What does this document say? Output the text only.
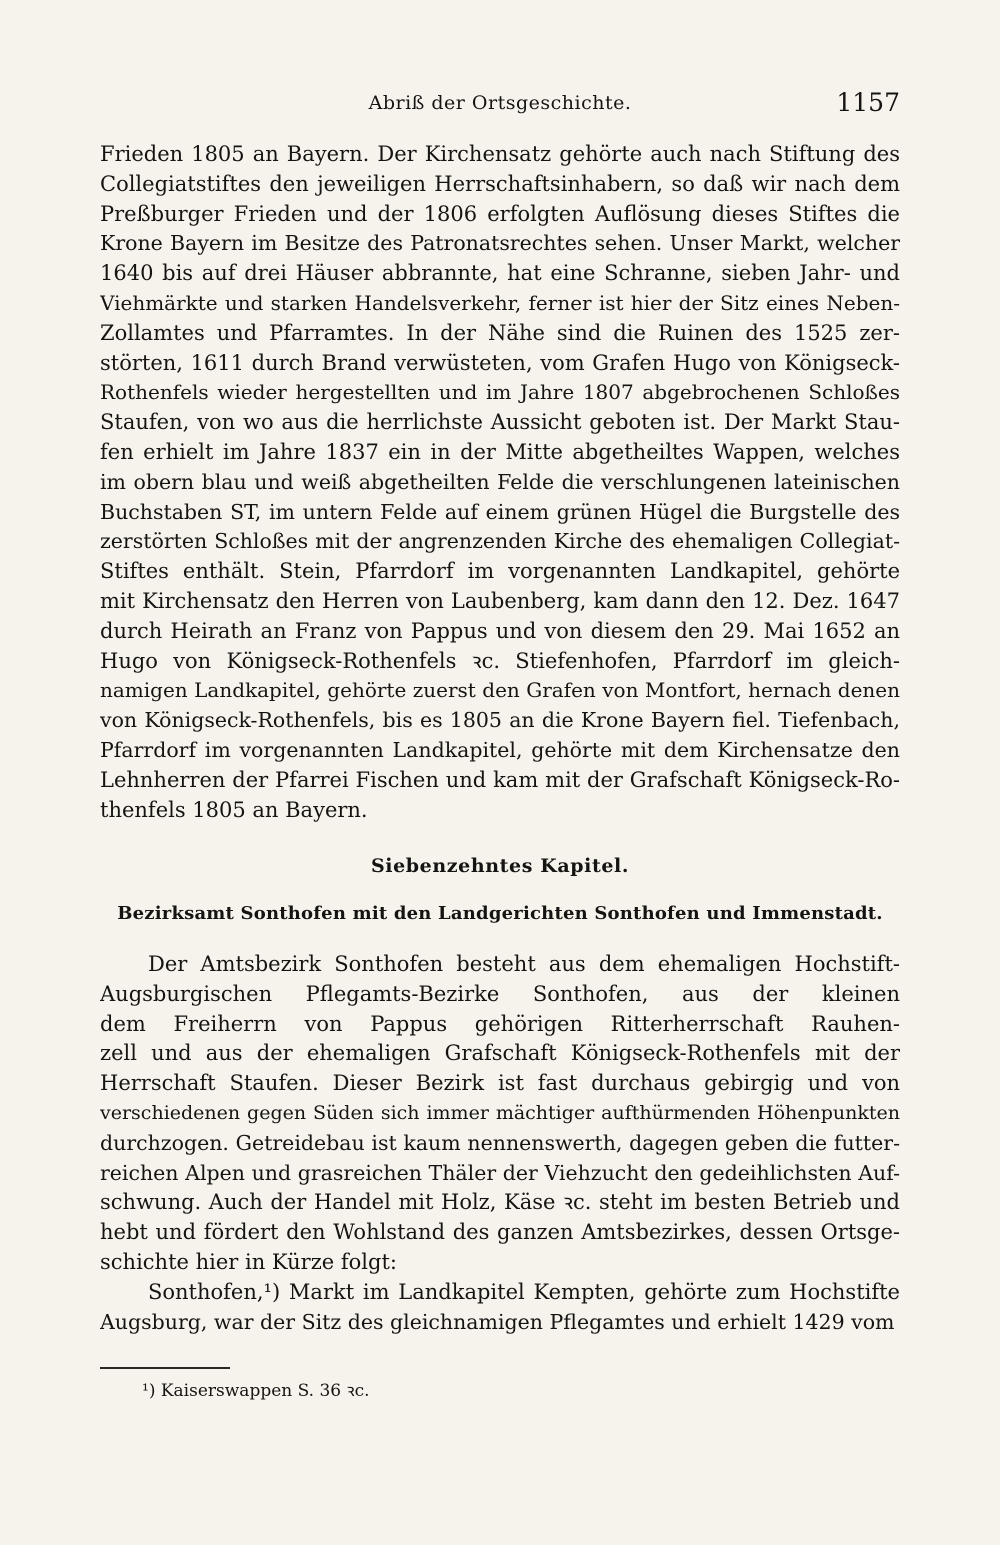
Abriß der Ortsgeschichte.	1157
Frieden 1805 an Bayern. Der Kirchensatz gehörte auch nach Stiftung des
Collegiatstiftes den jeweiligen Herrschaftsinhabern, so daß wir nach dem
Preßburger Frieden und der 1806 erfolgten Auflösung dieses Stiftes die
Krone Bayern im Besitze des Patronatsrechtes sehen. Unser Markt, welcher
1640 bis auf drei Häuser abbrannte, hat eine Schranne, sieben Jahr- und
Viehmärkte und starken Handelsverkehr, ferner ist hier der Sitz eines Neben-
Zollamtes und Pfarramtes. In der Nähe sind die Ruinen des 1525 zer-
störten, 1611 durch Brand verwüsteten, vom Grafen Hugo von Königseck-
Rothenfels wieder hergestellten und im Jahre 1807 abgebrochenen Schloßes
Staufen, von wo aus die herrlichste Aussicht geboten ist. Der Markt Stau-
fen erhielt im Jahre 1837 ein in der Mitte abgetheiltes Wappen, welches
im obern blau und weiß abgetheilten Felde die verschlungenen lateinischen
Buchstaben ST, im untern Felde auf einem grünen Hügel die Burgstelle des
zerstörten Schloßes mit der angrenzenden Kirche des ehemaligen Collegiat-
Stiftes enthält. Stein, Pfarrdorf im vorgenannten Landkapitel, gehörte
mit Kirchensatz den Herren von Laubenberg, kam dann den 12. Dez. 1647
durch Heirath an Franz von Pappus und von diesem den 29. Mai 1652 an
Hugo von Königseck-Rothenfels ꝛc. Stiefenhofen, Pfarrdorf im gleich-
namigen Landkapitel, gehörte zuerst den Grafen von Montfort, hernach denen
von Königseck-Rothenfels, bis es 1805 an die Krone Bayern fiel. Tiefenbach,
Pfarrdorf im vorgenannten Landkapitel, gehörte mit dem Kirchensatze den
Lehnherren der Pfarrei Fischen und kam mit der Grafschaft Königseck-Ro-
thenfels 1805 an Bayern.
Siebenzehntes Kapitel.
Bezirksamt Sonthofen mit den Landgerichten Sonthofen und Immenstadt.
Der Amtsbezirk Sonthofen besteht aus dem ehemaligen Hochstift-
Augsburgischen Pflegamts-Bezirke Sonthofen, aus der kleinen
dem Freiherrn von Pappus gehörigen Ritterherrschaft Rauhen-
zell und aus der ehemaligen Grafschaft Königseck-Rothenfels mit der
Herrschaft Staufen. Dieser Bezirk ist fast durchaus gebirgig und von
verschiedenen gegen Süden sich immer mächtiger aufthürmenden Höhenpunkten
durchzogen. Getreidebau ist kaum nennenswerth, dagegen geben die futter-
reichen Alpen und grasreichen Thäler der Viehzucht den gedeihlichsten Auf-
schwung. Auch der Handel mit Holz, Käse ꝛc. steht im besten Betrieb und
hebt und fördert den Wohlstand des ganzen Amtsbezirkes, dessen Ortsge-
schichte hier in Kürze folgt:
Sonthofen,¹) Markt im Landkapitel Kempten, gehörte zum Hochstifte
Augsburg, war der Sitz des gleichnamigen Pflegamtes und erhielt 1429 vom
¹) Kaiserswappen S. 36 ꝛc.
